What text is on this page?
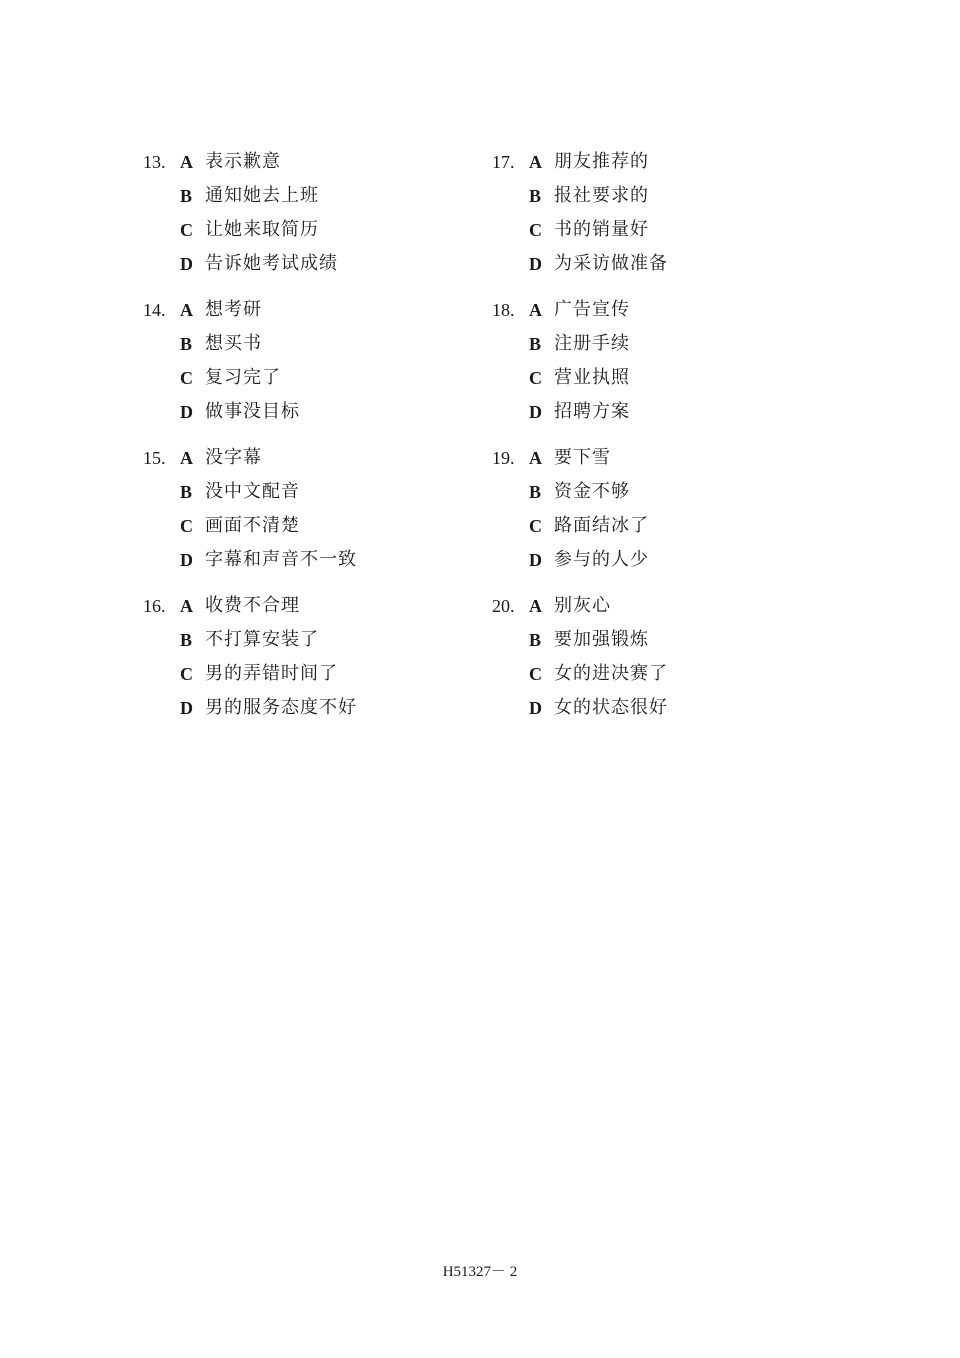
13. A 表示歉意
B 通知她去上班
C 让她来取简历
D 告诉她考试成绩
14. A 想考研
B 想买书
C 复习完了
D 做事没目标
15. A 没字幕
B 没中文配音
C 画面不清楚
D 字幕和声音不一致
16. A 收费不合理
B 不打算安装了
C 男的弄错时间了
D 男的服务态度不好
17. A 朋友推荐的
B 报社要求的
C 书的销量好
D 为采访做准备
18. A 广告宣传
B 注册手续
C 营业执照
D 招聘方案
19. A 要下雪
B 资金不够
C 路面结冰了
D 参与的人少
20. A 别灰心
B 要加强锻炼
C 女的进决赛了
D 女的状态很好
H51327－ 2
